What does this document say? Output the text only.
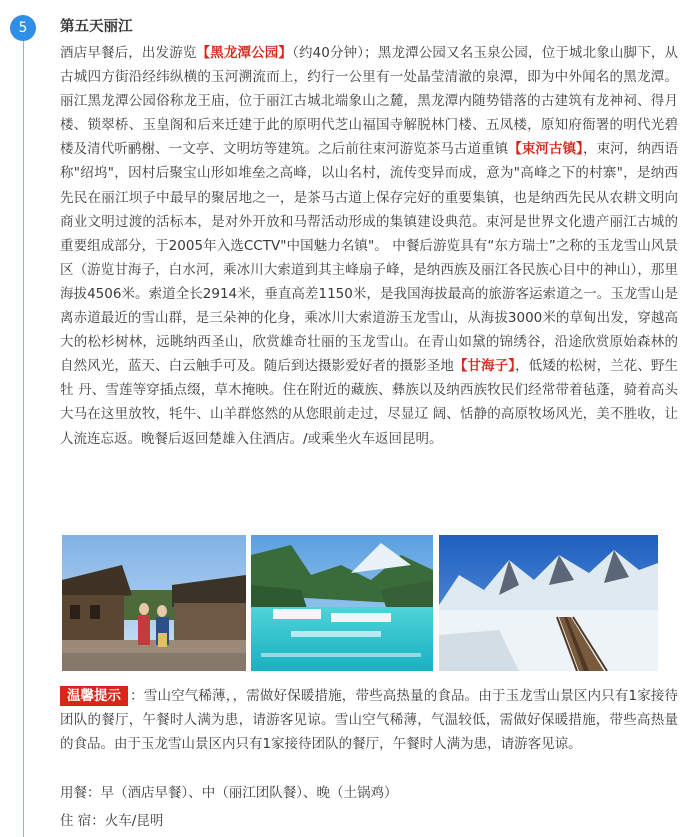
5	第五天丽江

酒店早餐后，出发游览【黑龙潭公园】（约40分钟）；黑龙潭公园又名玉泉公园，位于城北象山脚下，从古城四方街沿经纬纵横的玉河溯流而上，约行一公里有一处晶莹清澈的泉潭，即为中外闻名的黑龙潭。丽江黑龙潭公园俗称龙王庙，位于丽江古城北端象山之麓，黑龙潭内随势错落的古建筑有龙神祠、得月楼、锁翠桥、玉皇阁和后来迁建于此的原明代芝山福国寺解脱林门楼、五凤楼，原知府衙署的明代光碧楼及清代听鹂榭、一文亭、文明坊等建筑。之后前往束河游览茶马古道重镇【束河古镇】，束河，纳西语称"绍坞"，因村后聚宝山形如堆垒之高峰，以山名村，流传变异而成，意为"高峰之下的村寨"，是纳西先民在丽江坝子中最早的聚居地之一，是茶马古道上保存完好的重要集镇，也是纳西先民从农耕文明向商业文明过渡的活标本，是对外开放和马帮活动形成的集镇建设典范。束河是世界文化遗产丽江古城的重要组成部分，于2005年入选CCTV"中国魅力名镇"。 中餐后游览具有“东方瑞士”之称的玉龙雪山风景区（游览甘海子，白水河，乘冰川大索道到其主峰扇子峰，是纳西族及丽江各民族心目中的神山），那里海拔4506米。索道全长2914米，垂直高差1150米，是我国海拔最高的旅游客运索道之一。玉龙雪山是离赤道最近的雪山群，是三朵神的化身，乘冰川大索道游玉龙雪山，从海拔3000米的草甸出发，穿越高大的松杉树林，远眺纳西圣山，欣赏雄奇壮丽的玉龙雪山。在青山如黛的锦绣谷，沿途欣赏原始森林的自然风光，蓝天、白云触手可及。随后到达摄影爱好者的摄影圣地【甘海子】，低矮的松树，兰花、野生牡 丹、雪莲等穿插点缀，草木掩映。住在附近的藏族、彝族以及纳西族牧民们经常带着毡蓬，骑着高头大马在这里放牧，牦牛、山羊群悠然的从您眼前走过，尽显辽 阔、恬静的高原牧场风光，美不胜收，让人流连忘返。晚餐后返回楚雄入住酒店。/或乘坐火车返回昆明。

温馨提示 ：雪山空气稀薄，，需做好保暖措施，带些高热量的食品。由于玉龙雪山景区内只有1家接待团队的餐厅，午餐时人满为患，请游客见谅。雪山空气稀薄，气温较低，需做好保暖措施，带些高热量的食品。由于玉龙雪山景区内只有1家接待团队的餐厅，午餐时人满为患，请游客见谅。

用餐：早（酒店早餐）、中（丽江团队餐）、晚（土锅鸡）
住 宿：火车/昆明
